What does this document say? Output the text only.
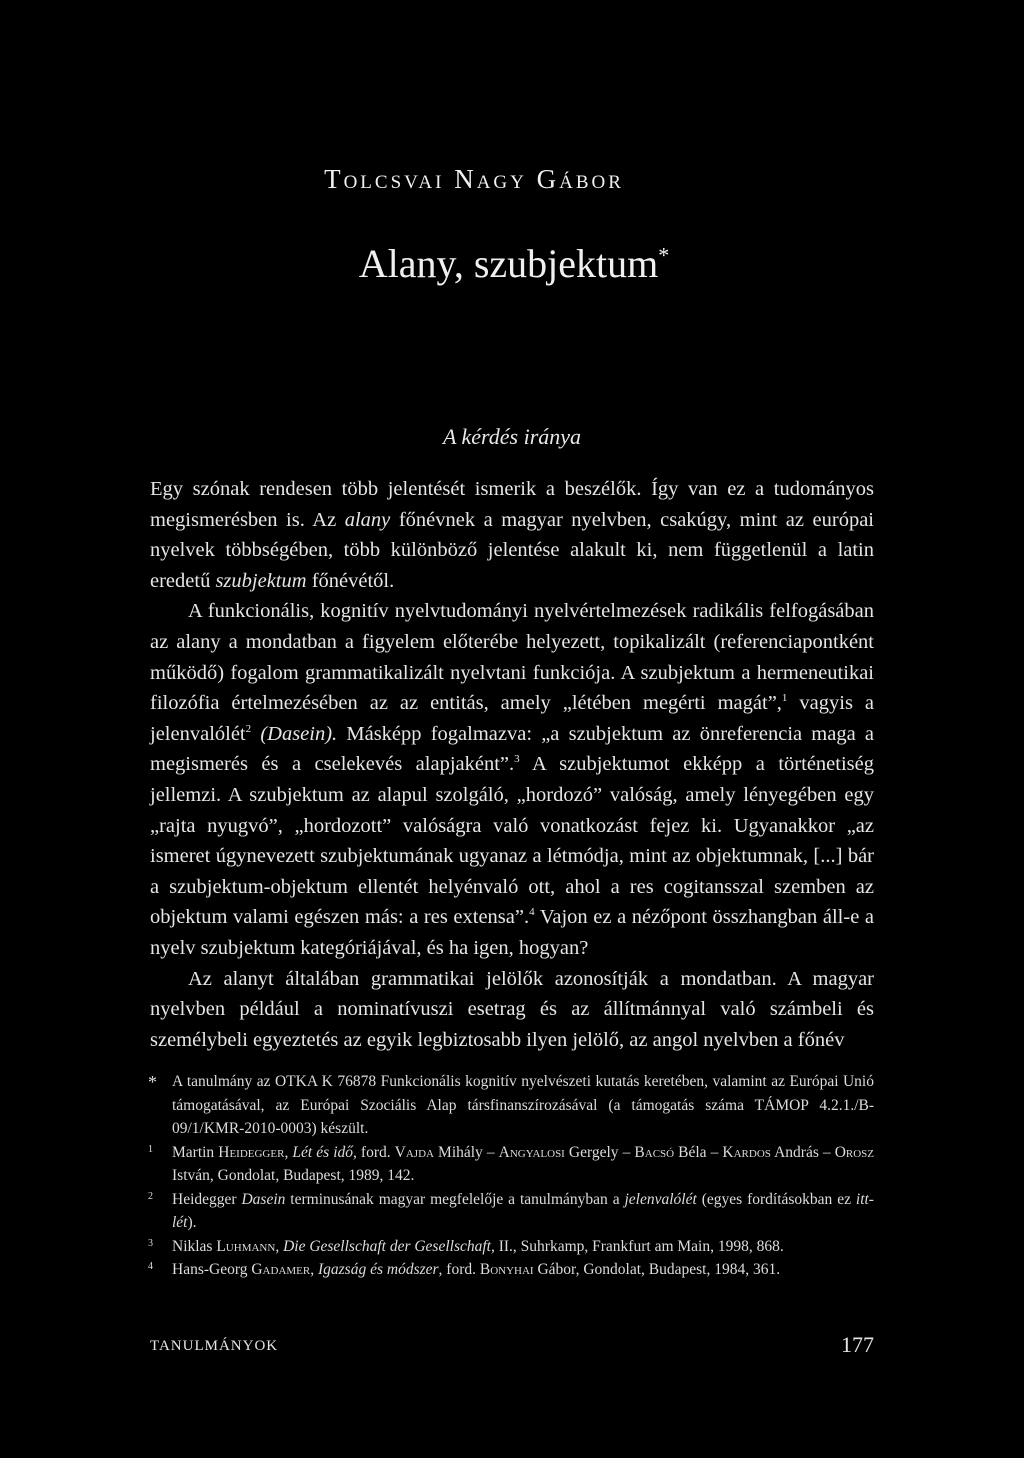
Tolcsvai Nagy Gábor
Alany, szubjektum*
A kérdés iránya

Egy szónak rendesen több jelentését ismerik a beszélők. Így van ez a tudományos megismerésben is. Az alany főnévnek a magyar nyelvben, csakúgy, mint az európai nyelvek többségében, több különböző jelentése alakult ki, nem függetlenül a latin eredetű szubjektum főnévétől.

A funkcionális, kognitív nyelvtudományi nyelvértelmezések radikális felfogásában az alany a mondatban a figyelem előterébe helyezett, topikalizált (referenciapontként működő) fogalom grammatikalizált nyelvtani funkciója. A szubjektum a hermeneutikai filozófia értelmezésében az az entitás, amely „létében megérti magát”,$^1$ vagyis a jelenvalólét$^2$ (Dasein). Másképp fogalmazva: „a szubjektum az önreferencia maga a megismerés és a cselekevés alapjaként”.$^3$ A szubjektumot ekképp a történetiség jellemzi. A szubjektum az alapul szolgáló, „hordozó” valóság, amely lényegében egy „rajta nyugvó”, „hordozott” valóságra való vonatkozást fejez ki. Ugyanakkor „az ismeret úgynevezett szubjektumának ugyanaz a létmódja, mint az objektumnak, [...] bár a szubjektum-objektum ellentét helyénvaló ott, ahol a res cogitansszal szemben az objektum valami egészen más: a res extensa”.$^4$ Vajon ez a nézőpont összhangban áll-e a nyelv szubjektum kategóriájával, és ha igen, hogyan?

Az alanyt általában grammatikai jelölők azonosítják a mondatban. A magyar nyelvben például a nominatívuszi esetrag és az állítmánnyal való számbeli és személybeli egyeztetés az egyik legbiztosabb ilyen jelölő, az angol nyelvben a főnév

* A tanulmány az OTKA K 76878 Funkcionális kognitív nyelvészeti kutatás keretében, valamint az Európai Unió támogatásával, az Európai Szociális Alap társfinanszírozásával (a támogatás száma TÁMOP 4.2.1./B-09/1/KMR-2010-0003) készült.

1 Martin Heidegger, Lét és idő, ford. Vajda Mihály – Angyalosi Gergely – Bacsó Béla – Kardos András – Orosz István, Gondolat, Budapest, 1989, 142.

2 Heidegger Dasein terminusának magyar megfelelője a tanulmányban a jelenvalólét (egyes fordításokban ez itt-lét).

3 Niklas Luhmann, Die Gesellschaft der Gesellschaft, II., Suhrkamp, Frankfurt am Main, 1998, 868.

4 Hans-Georg Gadamer, Igazság és módszer, ford. Bonyhai Gábor, Gondolat, Budapest, 1984, 361.

TANULMÁNYOK	177
